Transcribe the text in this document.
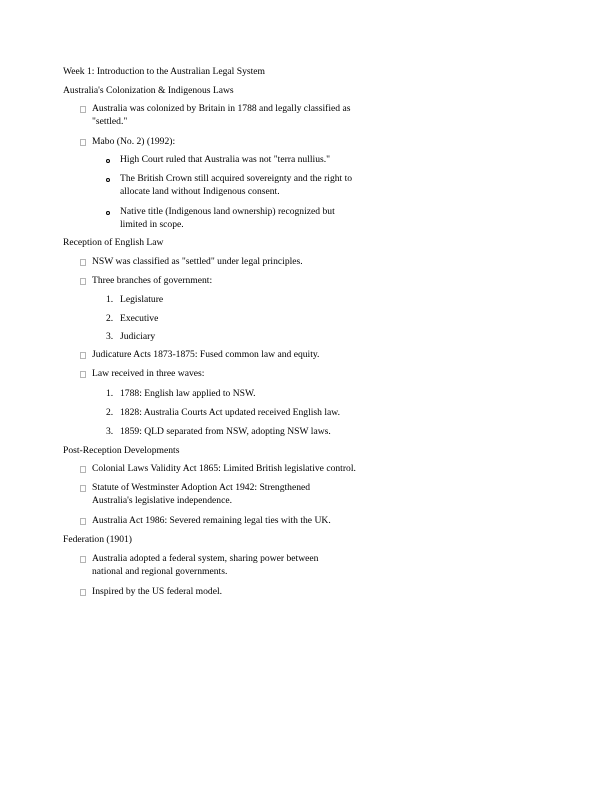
Week 1: Introduction to the Australian Legal System
Australia's Colonization & Indigenous Laws
Australia was colonized by Britain in 1788 and legally classified as
"settled."
Mabo (No. 2) (1992):
High Court ruled that Australia was not "terra nullius."
The British Crown still acquired sovereignty and the right to
allocate land without Indigenous consent.
Native title (Indigenous land ownership) recognized but
limited in scope.
Reception of English Law
NSW was classified as "settled" under legal principles.
Three branches of government:
1. Legislature
2. Executive
3. Judiciary
Judicature Acts 1873-1875: Fused common law and equity.
Law received in three waves:
1. 1788: English law applied to NSW.
2. 1828: Australia Courts Act updated received English law.
3. 1859: QLD separated from NSW, adopting NSW laws.
Post-Reception Developments
Colonial Laws Validity Act 1865: Limited British legislative control.
Statute of Westminster Adoption Act 1942: Strengthened
Australia's legislative independence.
Australia Act 1986: Severed remaining legal ties with the UK.
Federation (1901)
Australia adopted a federal system, sharing power between
national and regional governments.
Inspired by the US federal model.
